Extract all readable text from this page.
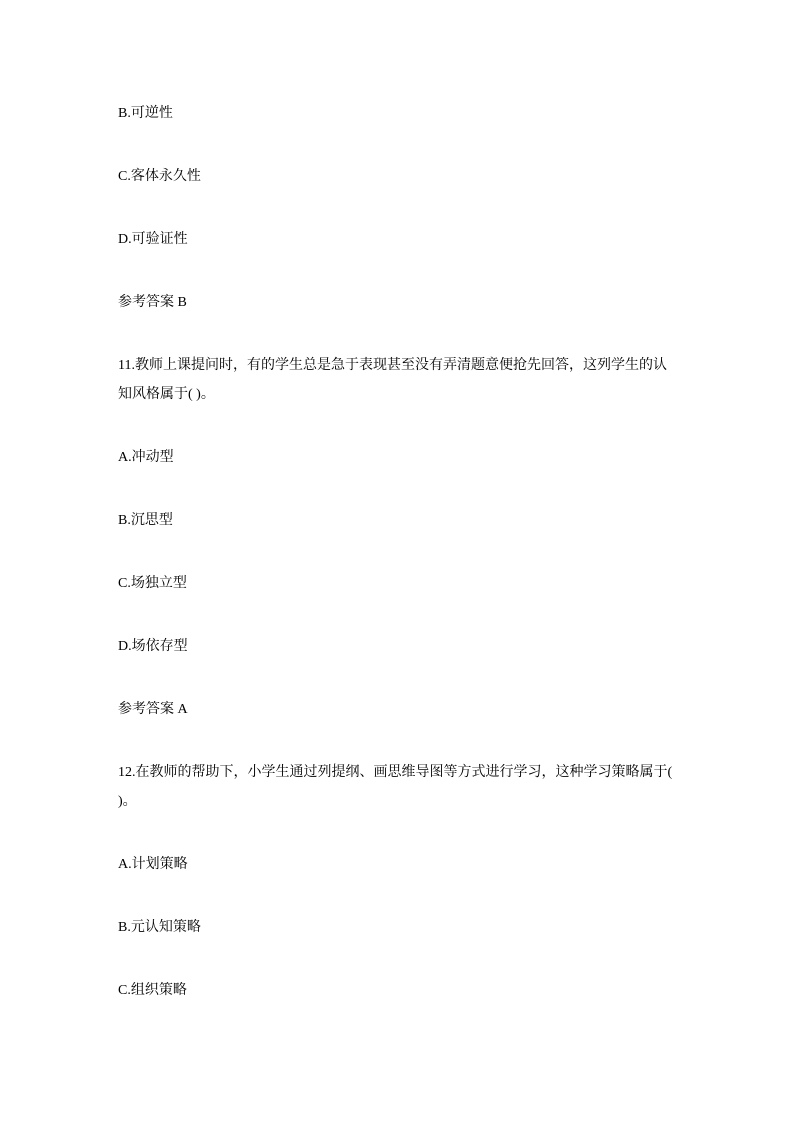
B.可逆性

C.客体永久性

D.可验证性

参考答案 B

11.教师上课提问时，有的学生总是急于表现甚至没有弄清题意便抢先回答，这列学生的认知风格属于( )。

A.冲动型

B.沉思型

C.场独立型

D.场依存型

参考答案 A

12.在教师的帮助下，小学生通过列提纲、画思维导图等方式进行学习，这种学习策略属于( )。

A.计划策略

B.元认知策略

C.组织策略
